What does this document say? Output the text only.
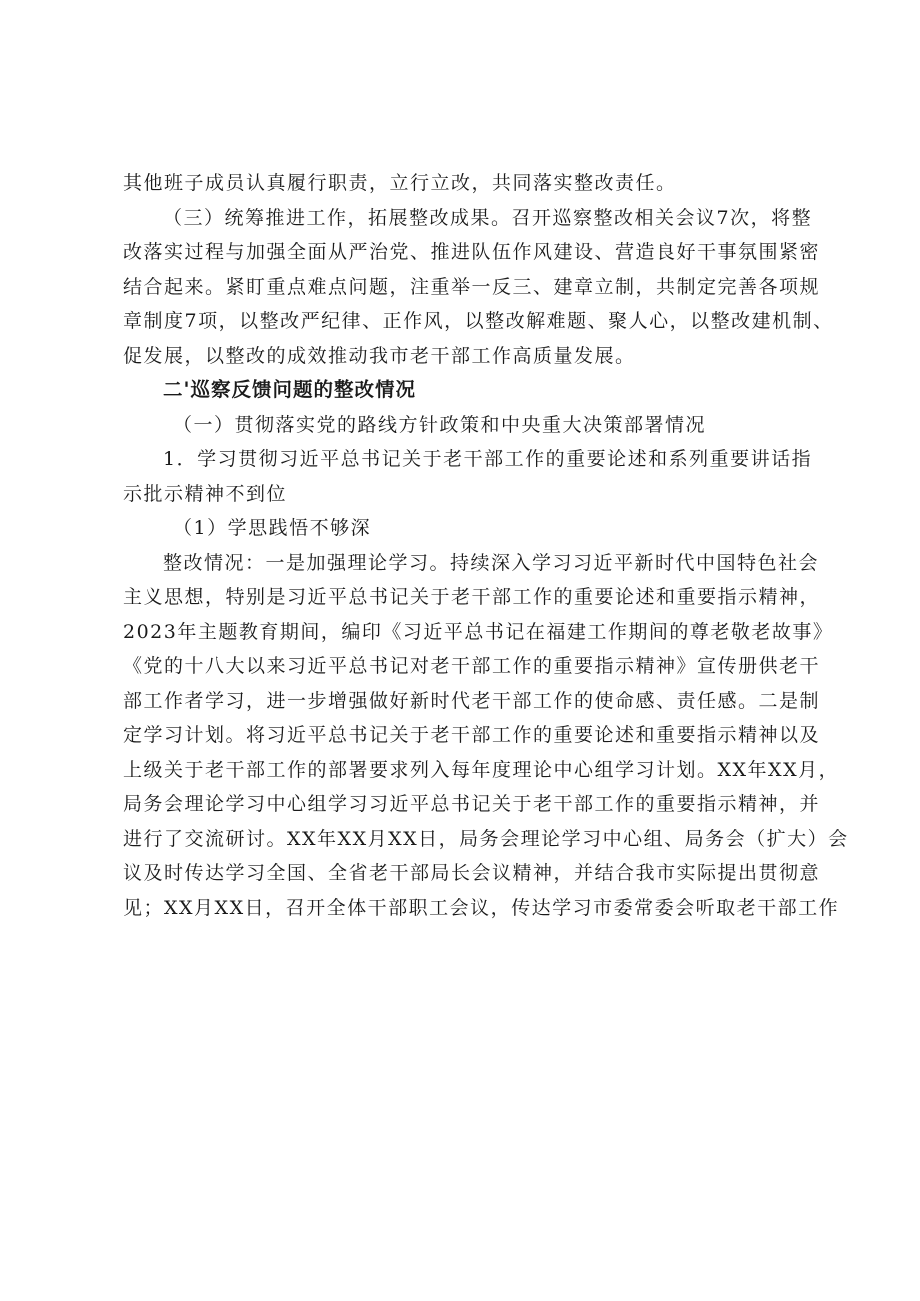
其他班子成员认真履行职责，立行立改，共同落实整改责任。
（三）统筹推进工作，拓展整改成果。召开巡察整改相关会议7次，将整
改落实过程与加强全面从严治党、推进队伍作风建设、营造良好干事氛围紧密
结合起来。紧盯重点难点问题，注重举一反三、建章立制，共制定完善各项规
章制度7项，以整改严纪律、正作风，以整改解难题、聚人心，以整改建机制、
促发展，以整改的成效推动我市老干部工作高质量发展。
二'巡察反馈问题的整改情况
（一）贯彻落实党的路线方针政策和中央重大决策部署情况
1．学习贯彻习近平总书记关于老干部工作的重要论述和系列重要讲话指
示批示精神不到位
（1）学思践悟不够深
整改情况：一是加强理论学习。持续深入学习习近平新时代中国特色社会
主义思想，特别是习近平总书记关于老干部工作的重要论述和重要指示精神，
2023年主题教育期间，编印《习近平总书记在福建工作期间的尊老敬老故事》
《党的十八大以来习近平总书记对老干部工作的重要指示精神》宣传册供老干
部工作者学习，进一步增强做好新时代老干部工作的使命感、责任感。二是制
定学习计划。将习近平总书记关于老干部工作的重要论述和重要指示精神以及
上级关于老干部工作的部署要求列入每年度理论中心组学习计划。XX年XX月，
局务会理论学习中心组学习习近平总书记关于老干部工作的重要指示精神，并
进行了交流研讨。XX年XX月XX日，局务会理论学习中心组、局务会（扩大）会
议及时传达学习全国、全省老干部局长会议精神，并结合我市实际提出贯彻意
见；XX月XX日，召开全体干部职工会议，传达学习市委常委会听取老干部工作
